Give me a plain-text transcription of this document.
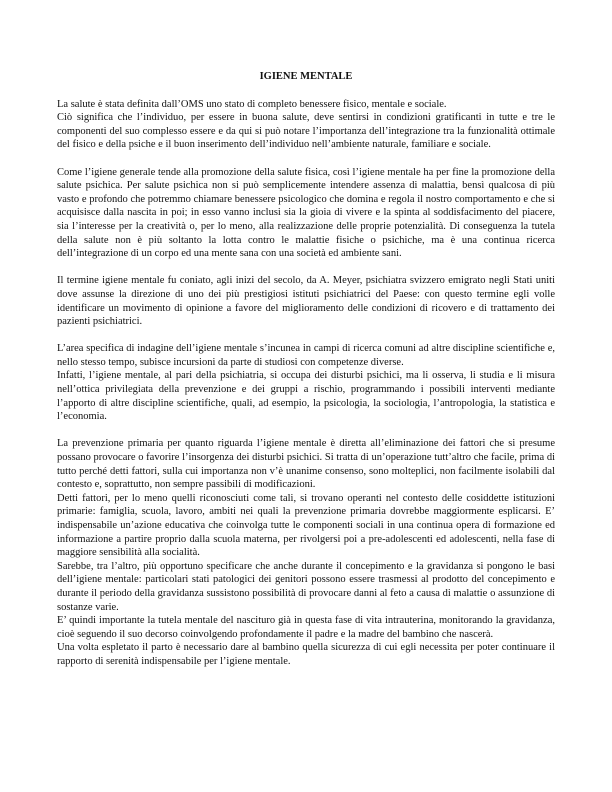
IGIENE MENTALE

La salute è stata definita dall’OMS uno stato di completo benessere fisico, mentale e sociale.

Ciò significa che l’individuo, per essere in buona salute, deve sentirsi in condizioni gratificanti in tutte e tre le componenti del suo complesso essere e da qui si può notare l’importanza dell’integrazione tra la funzionalità ottimale del fisico e della psiche e il buon inserimento dell’individuo nell’ambiente naturale, familiare e sociale.

Come l’igiene generale tende alla promozione della salute fisica, così l’igiene mentale ha per fine la promozione della salute psichica. Per salute psichica non si può semplicemente intendere assenza di malattia, bensì qualcosa di più vasto e profondo che potremmo chiamare benessere psicologico che domina e regola il nostro comportamento e che si acquisisce dalla nascita in poi; in esso vanno inclusi sia la gioia di vivere e la spinta al soddisfacimento del piacere, sia l’interesse per la creatività o, per lo meno, alla realizzazione delle proprie potenzialità. Di conseguenza la tutela della salute non è più soltanto la lotta contro le malattie fisiche o psichiche, ma è una continua ricerca dell’integrazione di un corpo ed una mente sana con una società ed ambiente sani.

Il termine igiene mentale fu coniato, agli inizi del secolo, da A. Meyer, psichiatra svizzero emigrato negli Stati uniti dove assunse la direzione di uno dei più prestigiosi istituti psichiatrici del Paese: con questo termine egli volle identificare un movimento di opinione a favore del miglioramento delle condizioni di ricovero e di trattamento dei pazienti psichiatrici.

L’area specifica di indagine dell’igiene mentale s’incunea in campi di ricerca comuni ad altre discipline scientifiche e, nello stesso tempo, subisce incursioni da parte di studiosi con competenze diverse.

Infatti, l’igiene mentale, al pari della psichiatria, si occupa dei disturbi psichici, ma li osserva, li studia e li misura nell’ottica privilegiata della prevenzione e dei gruppi a rischio, programmando i possibili interventi mediante l’apporto di altre discipline scientifiche, quali, ad esempio, la psicologia, la sociologia, l’antropologia, la statistica e l’economia.

La prevenzione primaria per quanto riguarda l’igiene mentale è diretta all’eliminazione dei fattori che si presume possano provocare o favorire l’insorgenza dei disturbi psichici. Si tratta di un’operazione tutt’altro che facile, prima di tutto perché detti fattori, sulla cui importanza non v’è unanime consenso, sono molteplici, non facilmente isolabili dal contesto e, soprattutto, non sempre passibili di modificazioni.

Detti fattori, per lo meno quelli riconosciuti come tali, si trovano operanti nel contesto delle cosiddette istituzioni primarie: famiglia, scuola, lavoro, ambiti nei quali la prevenzione primaria dovrebbe maggiormente esplicarsi. E’ indispensabile un’azione educativa che coinvolga tutte le componenti sociali in una continua opera di formazione ed informazione a partire proprio dalla scuola materna, per rivolgersi poi a pre-adolescenti ed adolescenti, nella fase di maggiore sensibilità alla socialità.

Sarebbe, tra l’altro, più opportuno specificare che anche durante il concepimento e la gravidanza si pongono le basi dell’igiene mentale: particolari stati patologici dei genitori possono essere trasmessi al prodotto del concepimento e durante il periodo della gravidanza sussistono possibilità di provocare danni al feto a causa di malattie o assunzione di sostanze varie.

E’ quindi importante la tutela mentale del nascituro già in questa fase di vita intrauterina, monitorando la gravidanza, cioè seguendo il suo decorso coinvolgendo profondamente il padre e la madre del bambino che nascerà.

Una volta espletato il parto è necessario dare al bambino quella sicurezza di cui egli necessita per poter continuare il rapporto di serenità indispensabile per l’igiene mentale.
